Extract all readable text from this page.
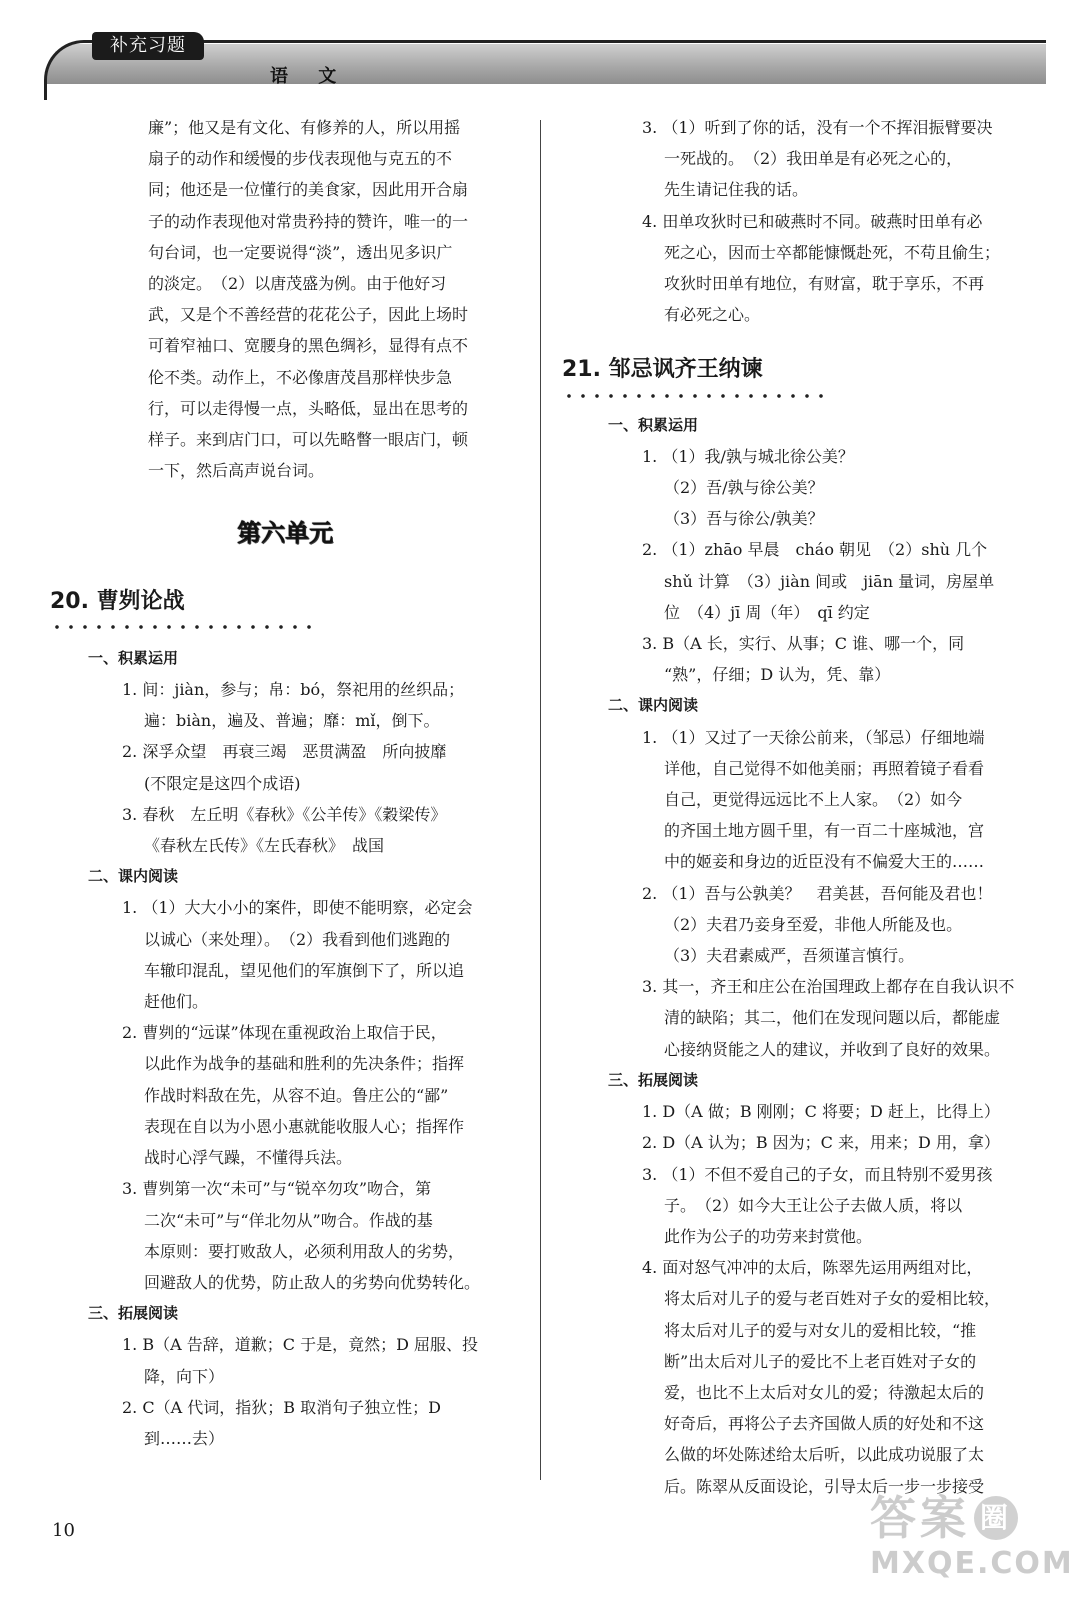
补充习题
语 文

廉”；他又是有文化、有修养的人，所以用摇

扇子的动作和缓慢的步伐表现他与克五的不

同；他还是一位懂行的美食家，因此用开合扇

子的动作表现他对常贵矜持的赞许，唯一的一

句台词，也一定要说得“淡”，透出见多识广

的淡定。　（2）以唐茂盛为例。由于他好习

武，又是个不善经营的花花公子，因此上场时

可着窄袖口、宽腰身的黑色绸衫，显得有点不

伦不类。动作上，不必像唐茂昌那样快步急

行，可以走得慢一点，头略低，显出在思考的

样子。来到店门口，可以先略瞥一眼店门，顿

一下，然后高声说台词。

第六单元

20. 曹刿论战

一、积累运用

1. 间：jiàn，参与；帛：bó，祭祀用的丝织品；

遍：biàn，遍及、普遍；靡：mǐ，倒下。

2. 深孚众望　再衰三竭　恶贯满盈　所向披靡

(不限定是这四个成语)

3. 春秋　左丘明《春秋》《公羊传》《穀梁传》

《春秋左氏传》《左氏春秋》　战国

二、课内阅读

1. （1）大大小小的案件，即使不能明察，必定会

以诚心（来处理）。　（2）我看到他们逃跑的

车辙印混乱，望见他们的军旗倒下了，所以追

赶他们。

2. 曹刿的“远谋”体现在重视政治上取信于民，

以此作为战争的基础和胜利的先决条件；指挥

作战时料敌在先，从容不迫。鲁庄公的“鄙”

表现在自以为小恩小惠就能收服人心；指挥作

战时心浮气躁，不懂得兵法。

3. 曹刿第一次“未可”与“锐卒勿攻”吻合，第

二次“未可”与“佯北勿从”吻合。作战的基

本原则：要打败敌人，必须利用敌人的劣势，

回避敌人的优势，防止敌人的劣势向优势转化。

三、拓展阅读

1. B（A 告辞，道歉；C 于是，竟然；D 屈服、投

降，向下）

2. C（A 代词，指狄；B 取消句子独立性；D

到……去）

3. （1）听到了你的话，没有一个不挥泪振臂要决

一死战的。　（2）我田单是有必死之心的，

先生请记住我的话。

4. 田单攻狄时已和破燕时不同。破燕时田单有必

死之心，因而士卒都能慷慨赴死，不苟且偷生；

攻狄时田单有地位，有财富，耽于享乐，不再

有必死之心。

21. 邹忌讽齐王纳谏

一、积累运用

1. （1）我/孰与城北徐公美？

（2）吾/孰与徐公美？

（3）吾与徐公/孰美？

2. （1）zhāo 早晨　cháo 朝见　（2）shù 几个

shǔ 计算　（3）jiàn 间或　jiān 量词，房屋单

位　（4）jī 周（年）　qī 约定

3. B（A 长，实行、从事；C 谁、哪一个，同

“熟”，仔细；D 认为，凭、靠）

二、课内阅读

1. （1）又过了一天徐公前来，（邹忌）仔细地端

详他，自己觉得不如他美丽；再照着镜子看看

自己，更觉得远远比不上人家。　（2）如今

的齐国土地方圆千里，有一百二十座城池，宫

中的姬妾和身边的近臣没有不偏爱大王的……

2. （1）吾与公孰美？　君美甚，吾何能及君也！

（2）夫君乃妾身至爱，非他人所能及也。

（3）夫君素威严，吾须谨言慎行。

3. 其一，齐王和庄公在治国理政上都存在自我认识不

清的缺陷；其二，他们在发现问题以后，都能虚

心接纳贤能之人的建议，并收到了良好的效果。

三、拓展阅读

1. D（A 做；B 刚刚；C 将要；D 赶上，比得上）

2. D（A 认为；B 因为；C 来，用来；D 用，拿）

3. （1）不但不爱自己的子女，而且特别不爱男孩

子。　（2）如今大王让公子去做人质，将以

此作为公子的功劳来封赏他。

4. 面对怒气冲冲的太后，陈翠先运用两组对比，

将太后对儿子的爱与老百姓对子女的爱相比较，

将太后对儿子的爱与对女儿的爱相比较，“推

断”出太后对儿子的爱比不上老百姓对子女的

爱，也比不上太后对女儿的爱；待激起太后的

好奇后，再将公子去齐国做人质的好处和不这

么做的坏处陈述给太后听，以此成功说服了太

后。陈翠从反面设论，引导太后一步一步接受

10	答案 圈
MXQE.COM
